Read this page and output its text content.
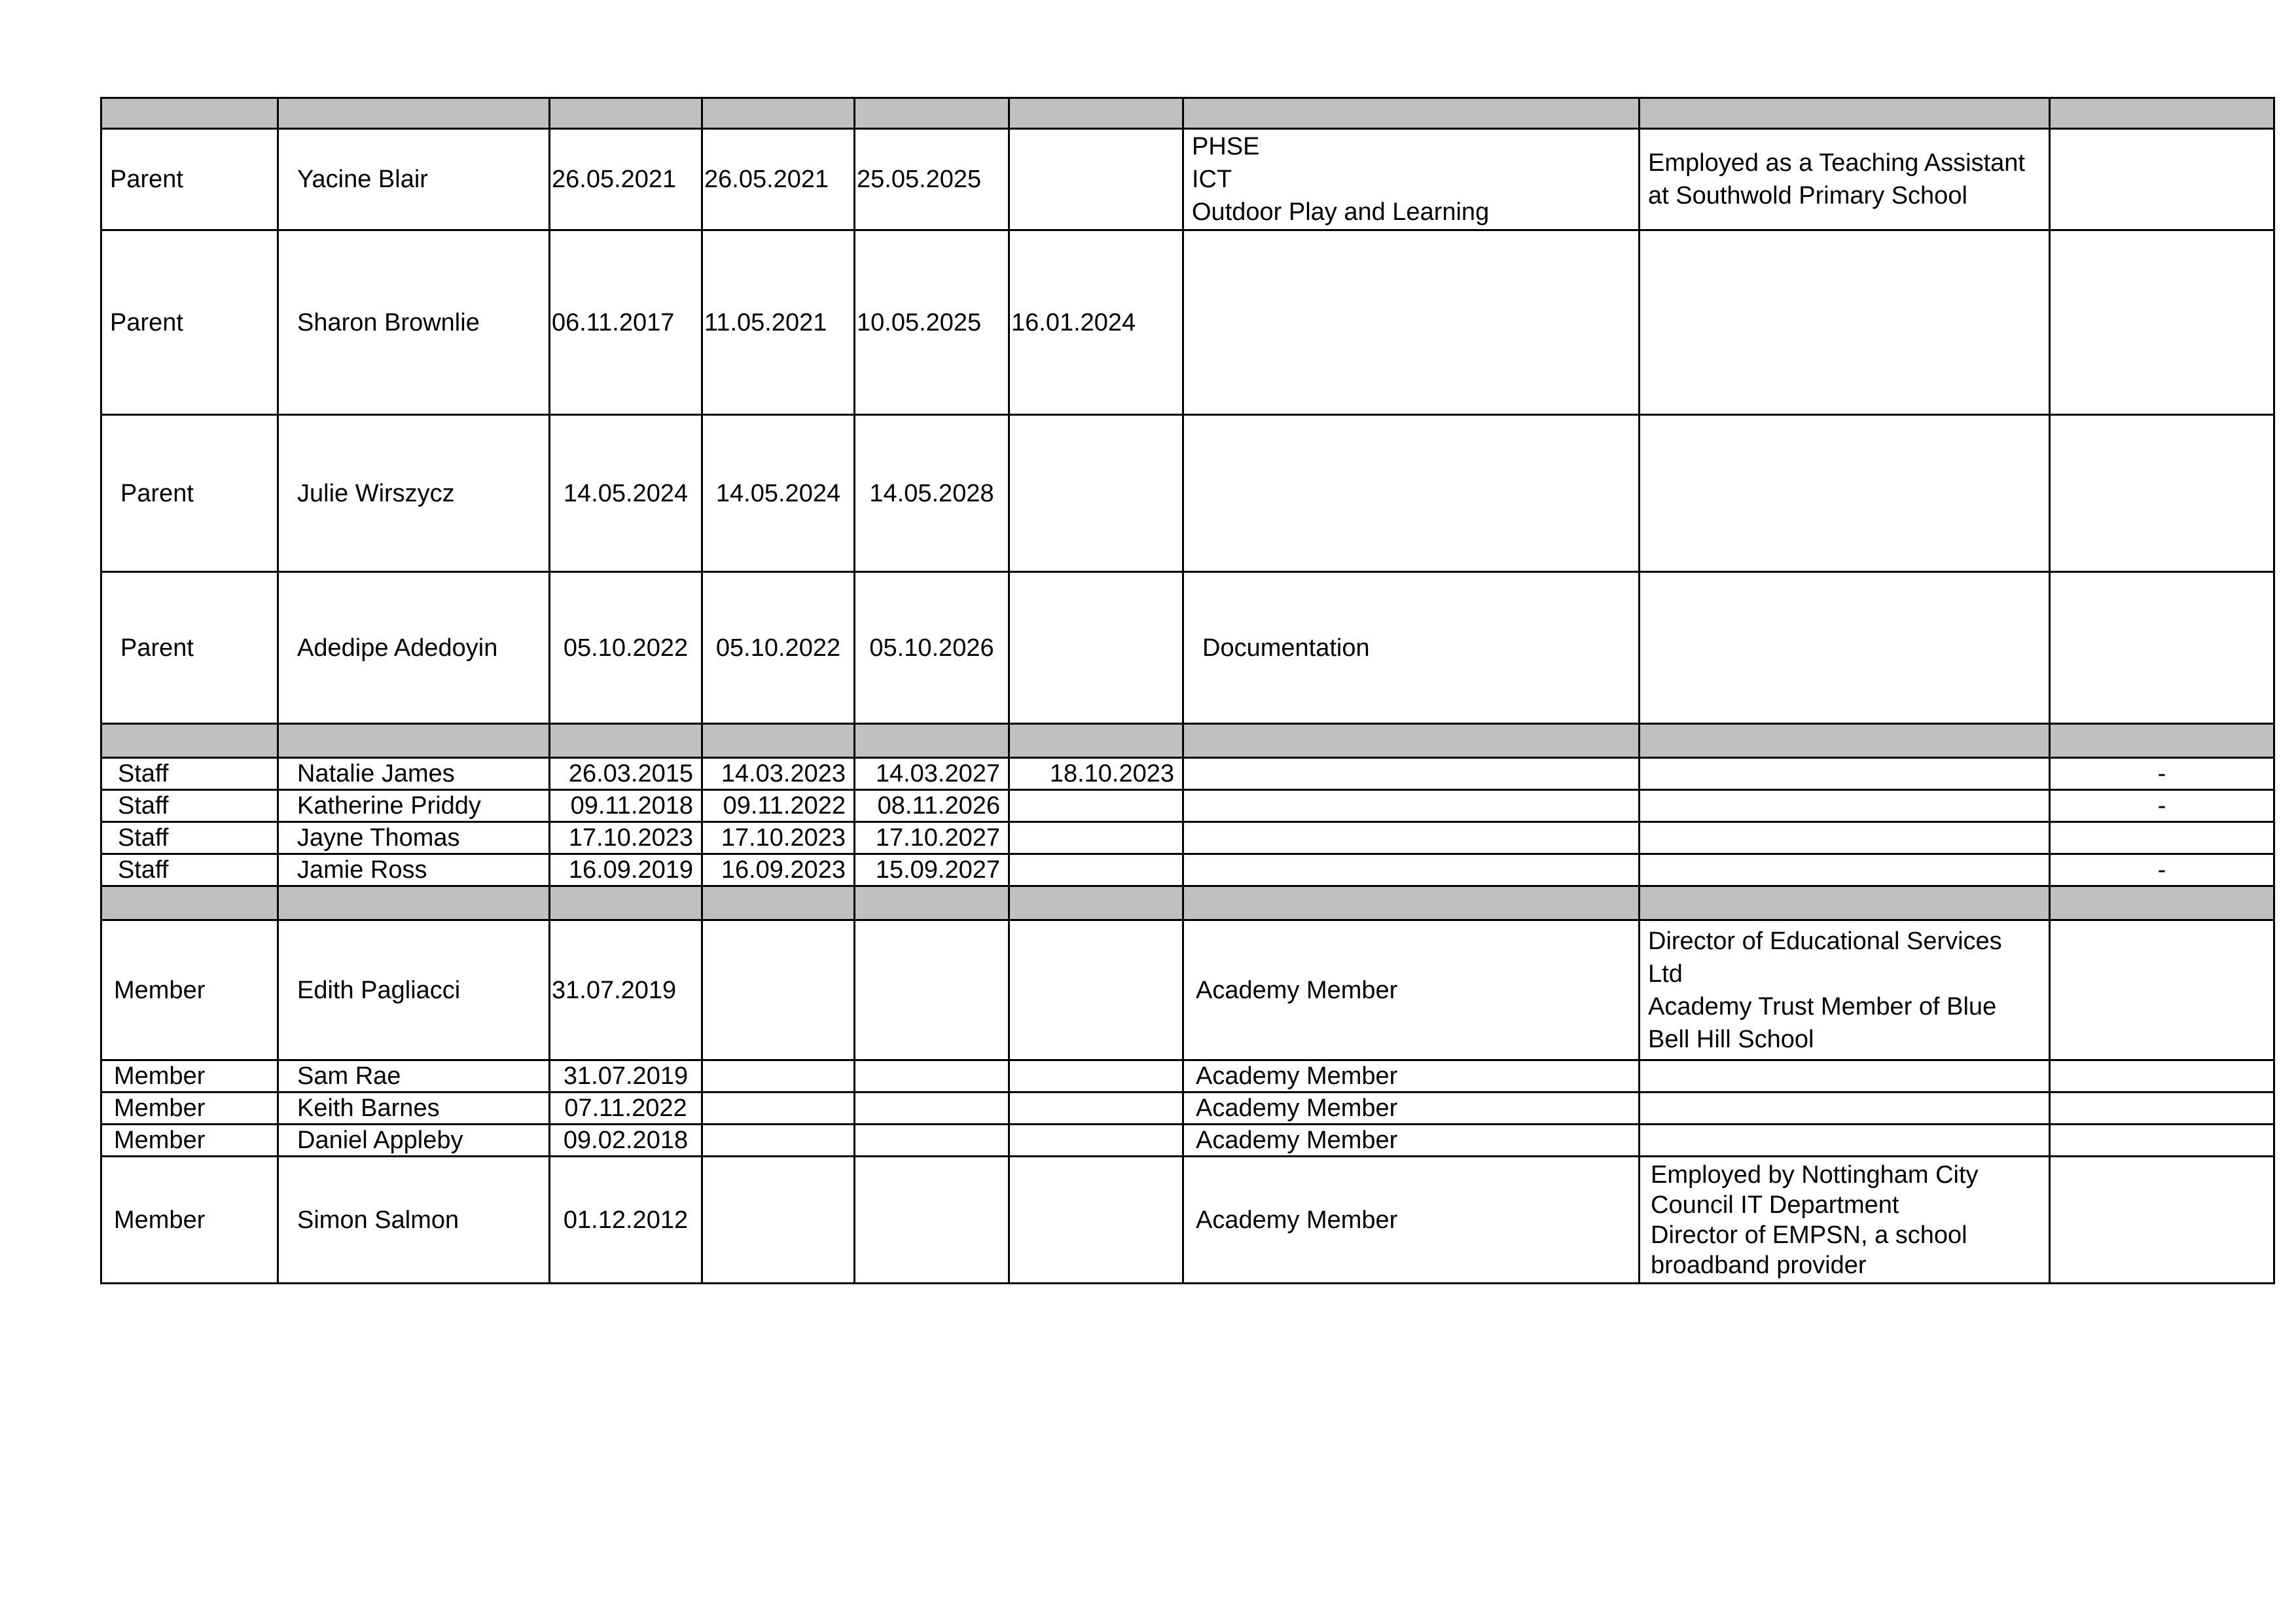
Parent	Yacine Blair	26.05.2021	26.05.2021	25.05.2025		PHSE
ICT
Outdoor Play and Learning	Employed as a Teaching Assistant
at Southwold Primary School	

Parent	Sharon Brownlie	06.11.2017	11.05.2021	10.05.2025	16.01.2024			
Parent	Julie Wirszycz	14.05.2024	14.05.2024	14.05.2028				
Parent	Adedipe Adedoyin	05.10.2022	05.10.2022	05.10.2026		Documentation		

Staff	Natalie James	26.03.2015	14.03.2023	14.03.2027	18.10.2023			-
Staff	Katherine Priddy	09.11.2018	09.11.2022	08.11.2026				-
Staff	Jayne Thomas	17.10.2023	17.10.2023	17.10.2027				
Staff	Jamie Ross	16.09.2019	16.09.2023	15.09.2027				-

Member	Edith Pagliacci	31.07.2019				Academy Member	Director of Educational Services
Ltd
Academy Trust Member of Blue
Bell Hill School	

Member	Sam Rae	31.07.2019				Academy Member		
Member	Keith Barnes	07.11.2022				Academy Member		
Member	Daniel Appleby	09.02.2018				Academy Member		
Member	Simon Salmon	01.12.2012				Academy Member	Employed by Nottingham City
Council IT Department
Director of EMPSN, a school
broadband provider	
